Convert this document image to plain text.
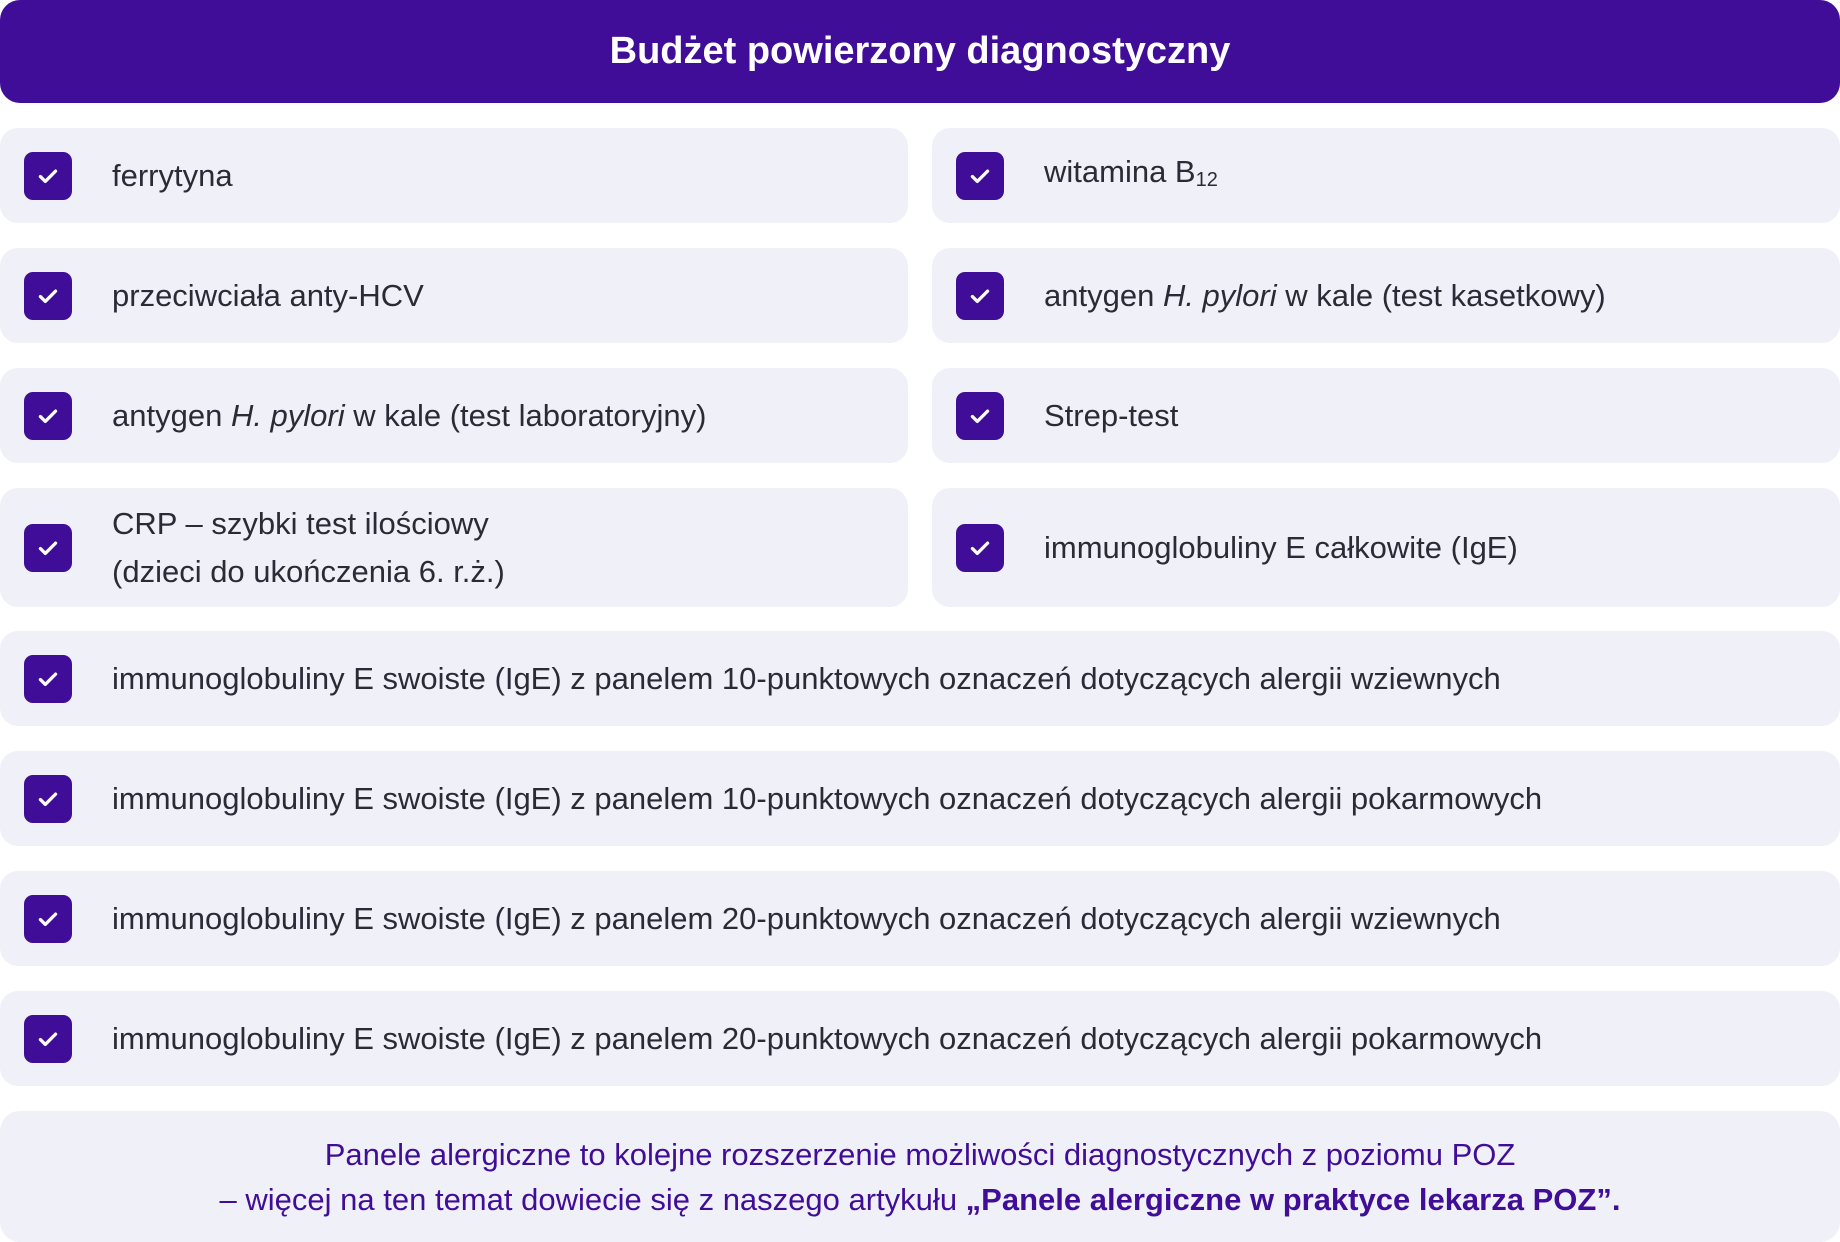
Budżet powierzony diagnostyczny
ferrytyna	witamina $B_{12}$
przeciwciała anty-HCV	antygen H. pylori w kale (test kasetkowy)
antygen H. pylori w kale (test laboratoryjny)	Strep-test
CRP – szybki test ilościowy
(dzieci do ukończenia 6. r.ż.)
immunoglobuliny E całkowite (IgE)
immunoglobuliny E swoiste (IgE) z panelem 10-punktowych oznaczeń dotyczących alergii wziewnych
immunoglobuliny E swoiste (IgE) z panelem 10-punktowych oznaczeń dotyczących alergii pokarmowych
immunoglobuliny E swoiste (IgE) z panelem 20-punktowych oznaczeń dotyczących alergii wziewnych
immunoglobuliny E swoiste (IgE) z panelem 20-punktowych oznaczeń dotyczących alergii pokarmowych
Panele alergiczne to kolejne rozszerzenie możliwości diagnostycznych z poziomu POZ
– więcej na ten temat dowiecie się z naszego artykułu „Panele alergiczne w praktyce lekarza POZ”.
